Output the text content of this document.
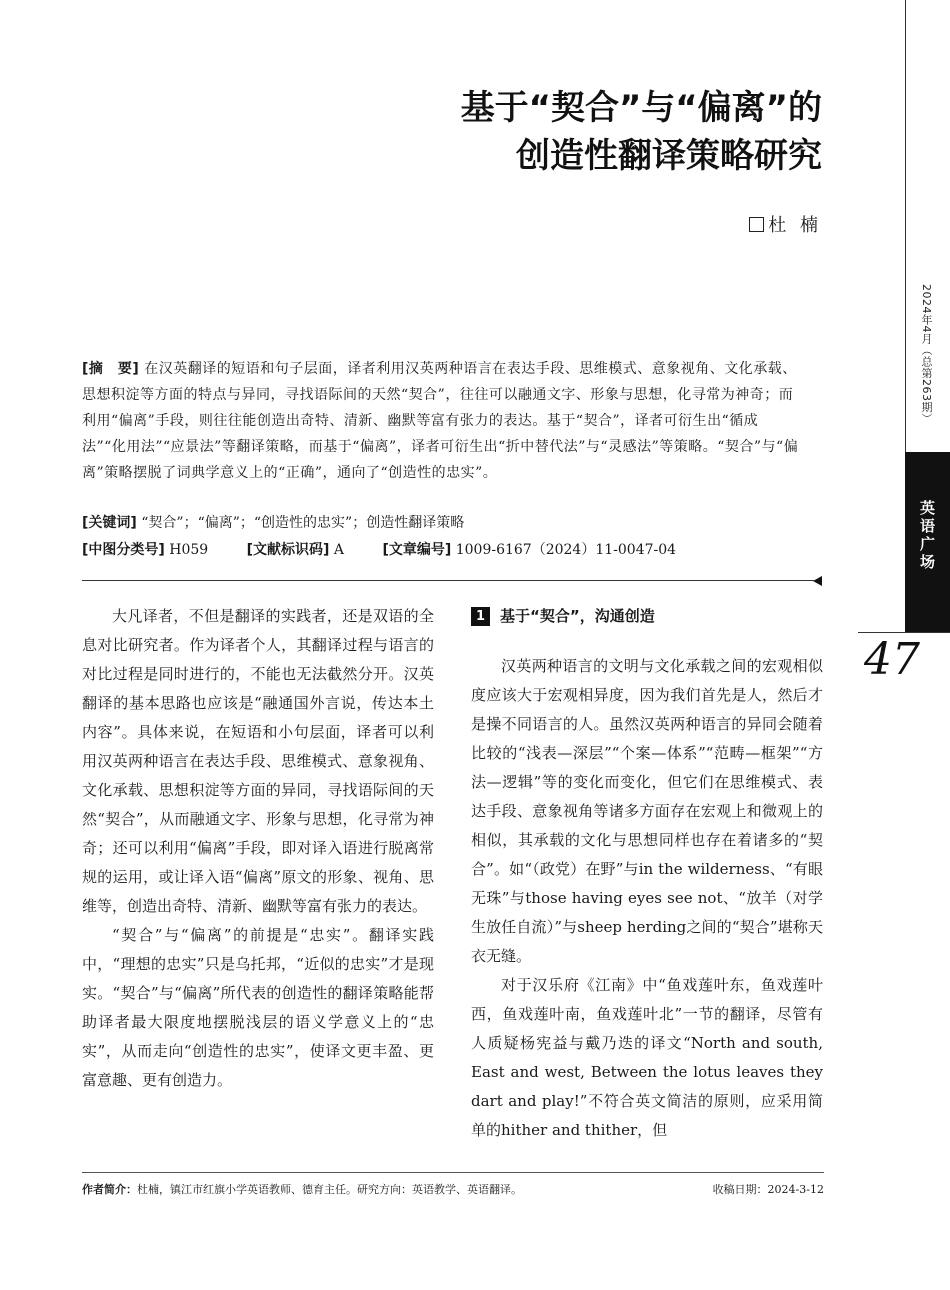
基于“契合”与“偏离”的
创造性翻译策略研究
杜 楠

[摘　要] 在汉英翻译的短语和句子层面，译者利用汉英两种语言在表达手段、思维模式、意象视角、文化承载、思想积淀等方面的特点与异同，寻找语际间的天然“契合”，往往可以融通文字、形象与思想，化寻常为神奇；而利用“偏离”手段，则往往能创造出奇特、清新、幽默等富有张力的表达。基于“契合”，译者可衍生出“循成法”“化用法”“应景法”等翻译策略，而基于“偏离”，译者可衍生出“折中替代法”与“灵感法”等策略。“契合”与“偏离”策略摆脱了词典学意义上的“正确”，通向了“创造性的忠实”。

[关键词] “契合”；“偏离”；“创造性的忠实”；创造性翻译策略
[中图分类号] H059	[文献标识码] A	[文章编号] 1009-6167（2024）11-0047-04

大凡译者，不但是翻译的实践者，还是双语的全息对比研究者。作为译者个人，其翻译过程与语言的对比过程是同时进行的，不能也无法截然分开。汉英翻译的基本思路也应该是“融通国外言说，传达本土内容”。具体来说，在短语和小句层面，译者可以利用汉英两种语言在表达手段、思维模式、意象视角、文化承载、思想积淀等方面的异同，寻找语际间的天然“契合”，从而融通文字、形象与思想，化寻常为神奇；还可以利用“偏离”手段，即对译入语进行脱离常规的运用，或让译入语“偏离”原文的形象、视角、思维等，创造出奇特、清新、幽默等富有张力的表达。

“契合”与“偏离”的前提是“忠实”。翻译实践中，“理想的忠实”只是乌托邦，“近似的忠实”才是现实。“契合”与“偏离”所代表的创造性的翻译策略能帮助译者最大限度地摆脱浅层的语义学意义上的“忠实”，从而走向“创造性的忠实”，使译文更丰盈、更富意趣、更有创造力。

1 基于“契合”，沟通创造

汉英两种语言的文明与文化承载之间的宏观相似度应该大于宏观相异度，因为我们首先是人，然后才是操不同语言的人。虽然汉英两种语言的异同会随着比较的“浅表—深层”“个案—体系”“范畴—框架”“方法—逻辑”等的变化而变化，但它们在思维模式、表达手段、意象视角等诸多方面存在宏观上和微观上的相似，其承载的文化与思想同样也存在着诸多的“契合”。如“（政党）在野”与in the wilderness、“有眼无珠”与those having eyes see not、“放羊（对学生放任自流）”与sheep herding之间的“契合”堪称天衣无缝。

对于汉乐府《江南》中“鱼戏莲叶东，鱼戏莲叶西，鱼戏莲叶南，鱼戏莲叶北”一节的翻译，尽管有人质疑杨宪益与戴乃迭的译文“North and south, East and west, Between the lotus leaves they dart and play!”不符合英文简洁的原则，应采用简单的hither and thither，但

作者简介：杜楠，镇江市红旗小学英语教师、德育主任。研究方向：英语教学、英语翻译。	收稿日期：2024-3-12
2024年4月（总第263期）
英语广场
47
